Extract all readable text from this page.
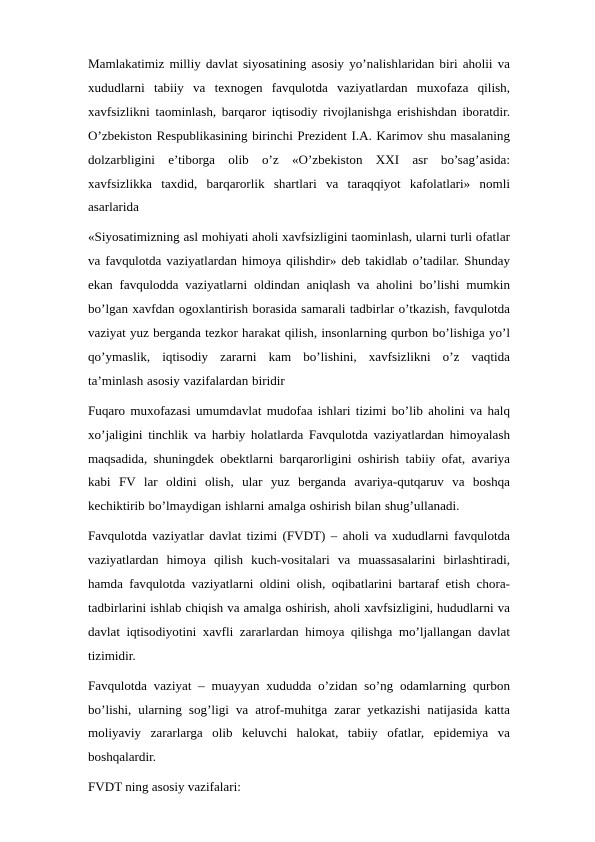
Mamlakatimiz milliy davlat siyosatining asosiy yo’nalishlaridan biri aholii va xududlarni tabiiy va texnogen favqulotda vaziyatlardan muxofaza qilish, xavfsizlikni taominlash, barqaror iqtisodiy rivojlanishga erishishdan iboratdir. O’zbekiston Respublikasining birinchi Prezident I.A. Karimov shu masalaning dolzarbligini e’tiborga olib o’z «O’zbekiston XXI asr bo’sag’asida: xavfsizlikka taxdid, barqarorlik shartlari va taraqqiyot kafolatlari» nomli asarlarida

«Siyosatimizning asl mohiyati aholi xavfsizligini taominlash, ularni turli ofatlar va favqulotda vaziyatlardan himoya qilishdir» deb takidlab o’tadilar. Shunday ekan favqulodda vaziyatlarni oldindan aniqlash va aholini bo’lishi mumkin bo’lgan xavfdan ogoxlantirish borasida samarali tadbirlar o’tkazish, favqulotda vaziyat yuz berganda tezkor harakat qilish, insonlarning qurbon bo’lishiga yo’l qo’ymaslik, iqtisodiy zararni kam bo’lishini, xavfsizlikni o’z vaqtida ta’minlash asosiy vazifalardan biridir

Fuqaro muxofazasi umumdavlat mudofaa ishlari tizimi bo’lib aholini va halq xo’jaligini tinchlik va harbiy holatlarda Favqulotda vaziyatlardan himoyalash maqsadida, shuningdek obektlarni barqarorligini oshirish tabiiy ofat, avariya kabi FV lar oldini olish, ular yuz berganda avariya-qutqaruv va boshqa kechiktirib bo’lmaydigan ishlarni amalga oshirish bilan shug’ullanadi.

Favqulotda vaziyatlar davlat tizimi (FVDT) – aholi va xududlarni favqulotda vaziyatlardan himoya qilish kuch-vositalari va muassasalarini birlashtiradi, hamda favqulotda vaziyatlarni oldini olish, oqibatlarini bartaraf etish chora-tadbirlarini ishlab chiqish va amalga oshirish, aholi xavfsizligini, hududlarni va davlat iqtisodiyotini xavfli zararlardan himoya qilishga mo’ljallangan davlat tizimidir.

Favqulotda vaziyat – muayyan xududda o’zidan so’ng odamlarning qurbon bo’lishi, ularning sog’ligi va atrof-muhitga zarar yetkazishi natijasida katta moliyaviy zararlarga olib keluvchi halokat, tabiiy ofatlar, epidemiya va boshqalardir.

FVDT ning asosiy vazifalari:
